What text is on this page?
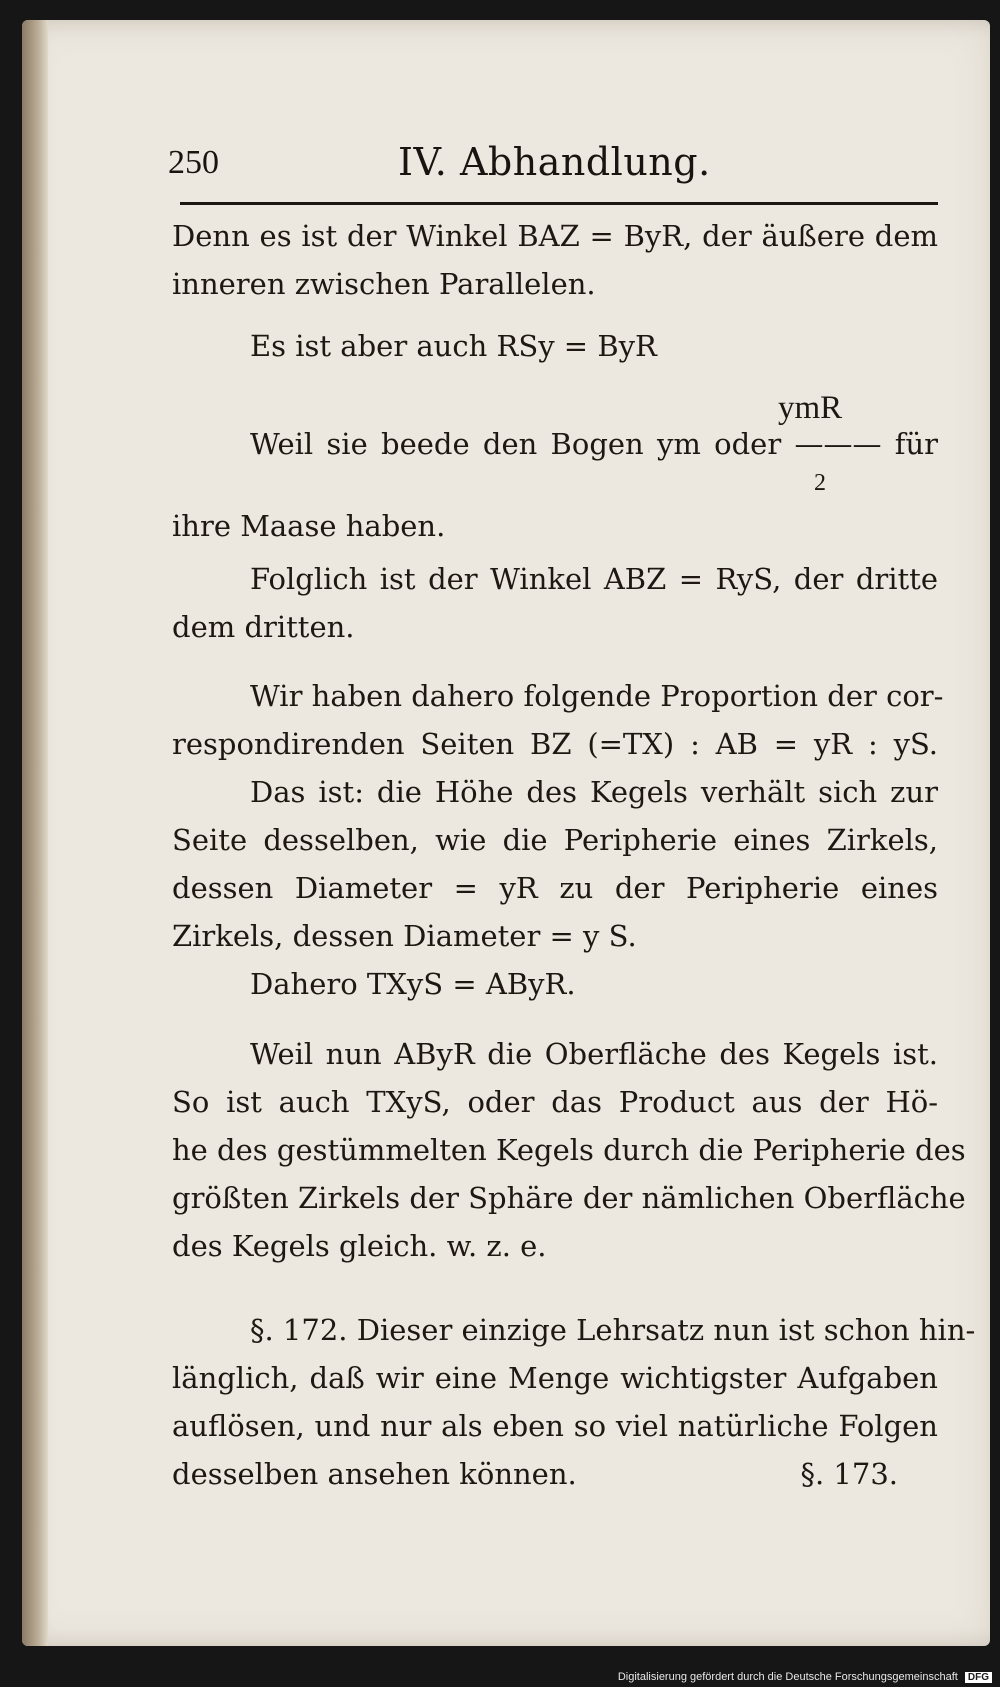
250	IV. Abhandlung.
Denn es ist der Winkel BAZ = ByR, der äußere dem
inneren zwischen Parallelen.
Es ist aber auch RSy = ByR
ymR
Weil sie beede den Bogen ym oder ——— für
2
ihre Maase haben.
Folglich ist der Winkel ABZ = RyS, der dritte
dem dritten.
Wir haben dahero folgende Proportion der cor-
respondirenden Seiten BZ (=TX) : AB = yR : yS.
Das ist: die Höhe des Kegels verhält sich zur
Seite desselben, wie die Peripherie eines Zirkels,
dessen Diameter = yR zu der Peripherie eines
Zirkels, dessen Diameter = y S.
Dahero TXyS = AByR.
Weil nun AByR die Oberfläche des Kegels ist.
So ist auch TXyS, oder das Product aus der Hö-
he des gestümmelten Kegels durch die Peripherie des
größten Zirkels der Sphäre der nämlichen Oberfläche
des Kegels gleich. w. z. e.
§. 172. Dieser einzige Lehrsatz nun ist schon hin-
länglich, daß wir eine Menge wichtigster Aufgaben
auflösen, und nur als eben so viel natürliche Folgen
desselben ansehen können.	§. 173.
Digitalisierung gefördert durch die Deutsche Forschungsgemeinschaft DFG
